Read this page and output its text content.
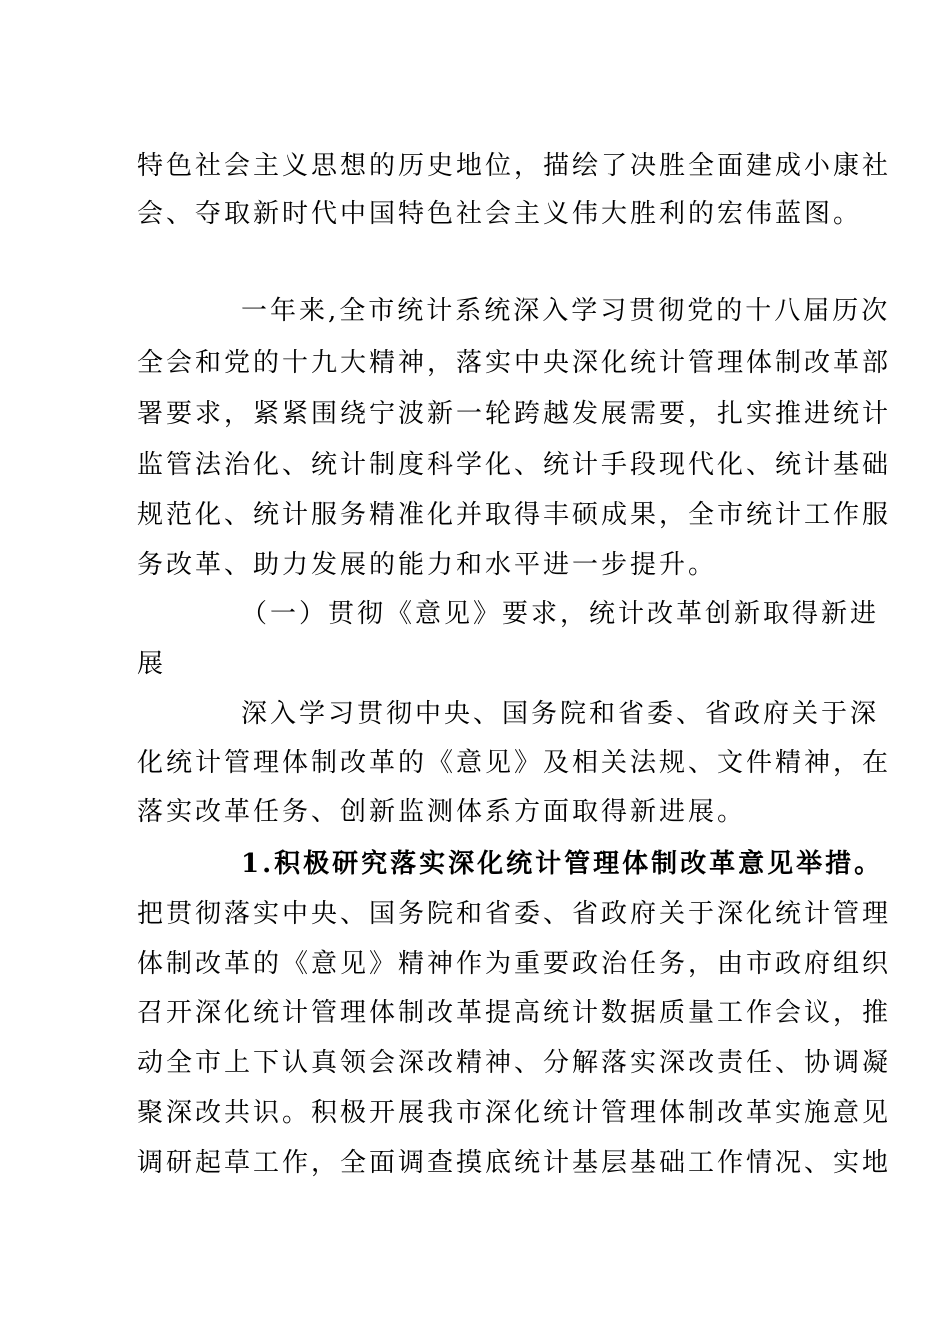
特色社会主义思想的历史地位，描绘了决胜全面建成小康社
会、夺取新时代中国特色社会主义伟大胜利的宏伟蓝图。
一年来,全市统计系统深入学习贯彻党的十八届历次
全会和党的十九大精神，落实中央深化统计管理体制改革部
署要求，紧紧围绕宁波新一轮跨越发展需要，扎实推进统计
监管法治化、统计制度科学化、统计手段现代化、统计基础
规范化、统计服务精准化并取得丰硕成果，全市统计工作服
务改革、助力发展的能力和水平进一步提升。
（一）贯彻《意见》要求，统计改革创新取得新进
展
深入学习贯彻中央、国务院和省委、省政府关于深
化统计管理体制改革的《意见》及相关法规、文件精神，在
落实改革任务、创新监测体系方面取得新进展。
1.积极研究落实深化统计管理体制改革意见举措。
把贯彻落实中央、国务院和省委、省政府关于深化统计管理
体制改革的《意见》精神作为重要政治任务，由市政府组织
召开深化统计管理体制改革提高统计数据质量工作会议，推
动全市上下认真领会深改精神、分解落实深改责任、协调凝
聚深改共识。积极开展我市深化统计管理体制改革实施意见
调研起草工作，全面调查摸底统计基层基础工作情况、实地
